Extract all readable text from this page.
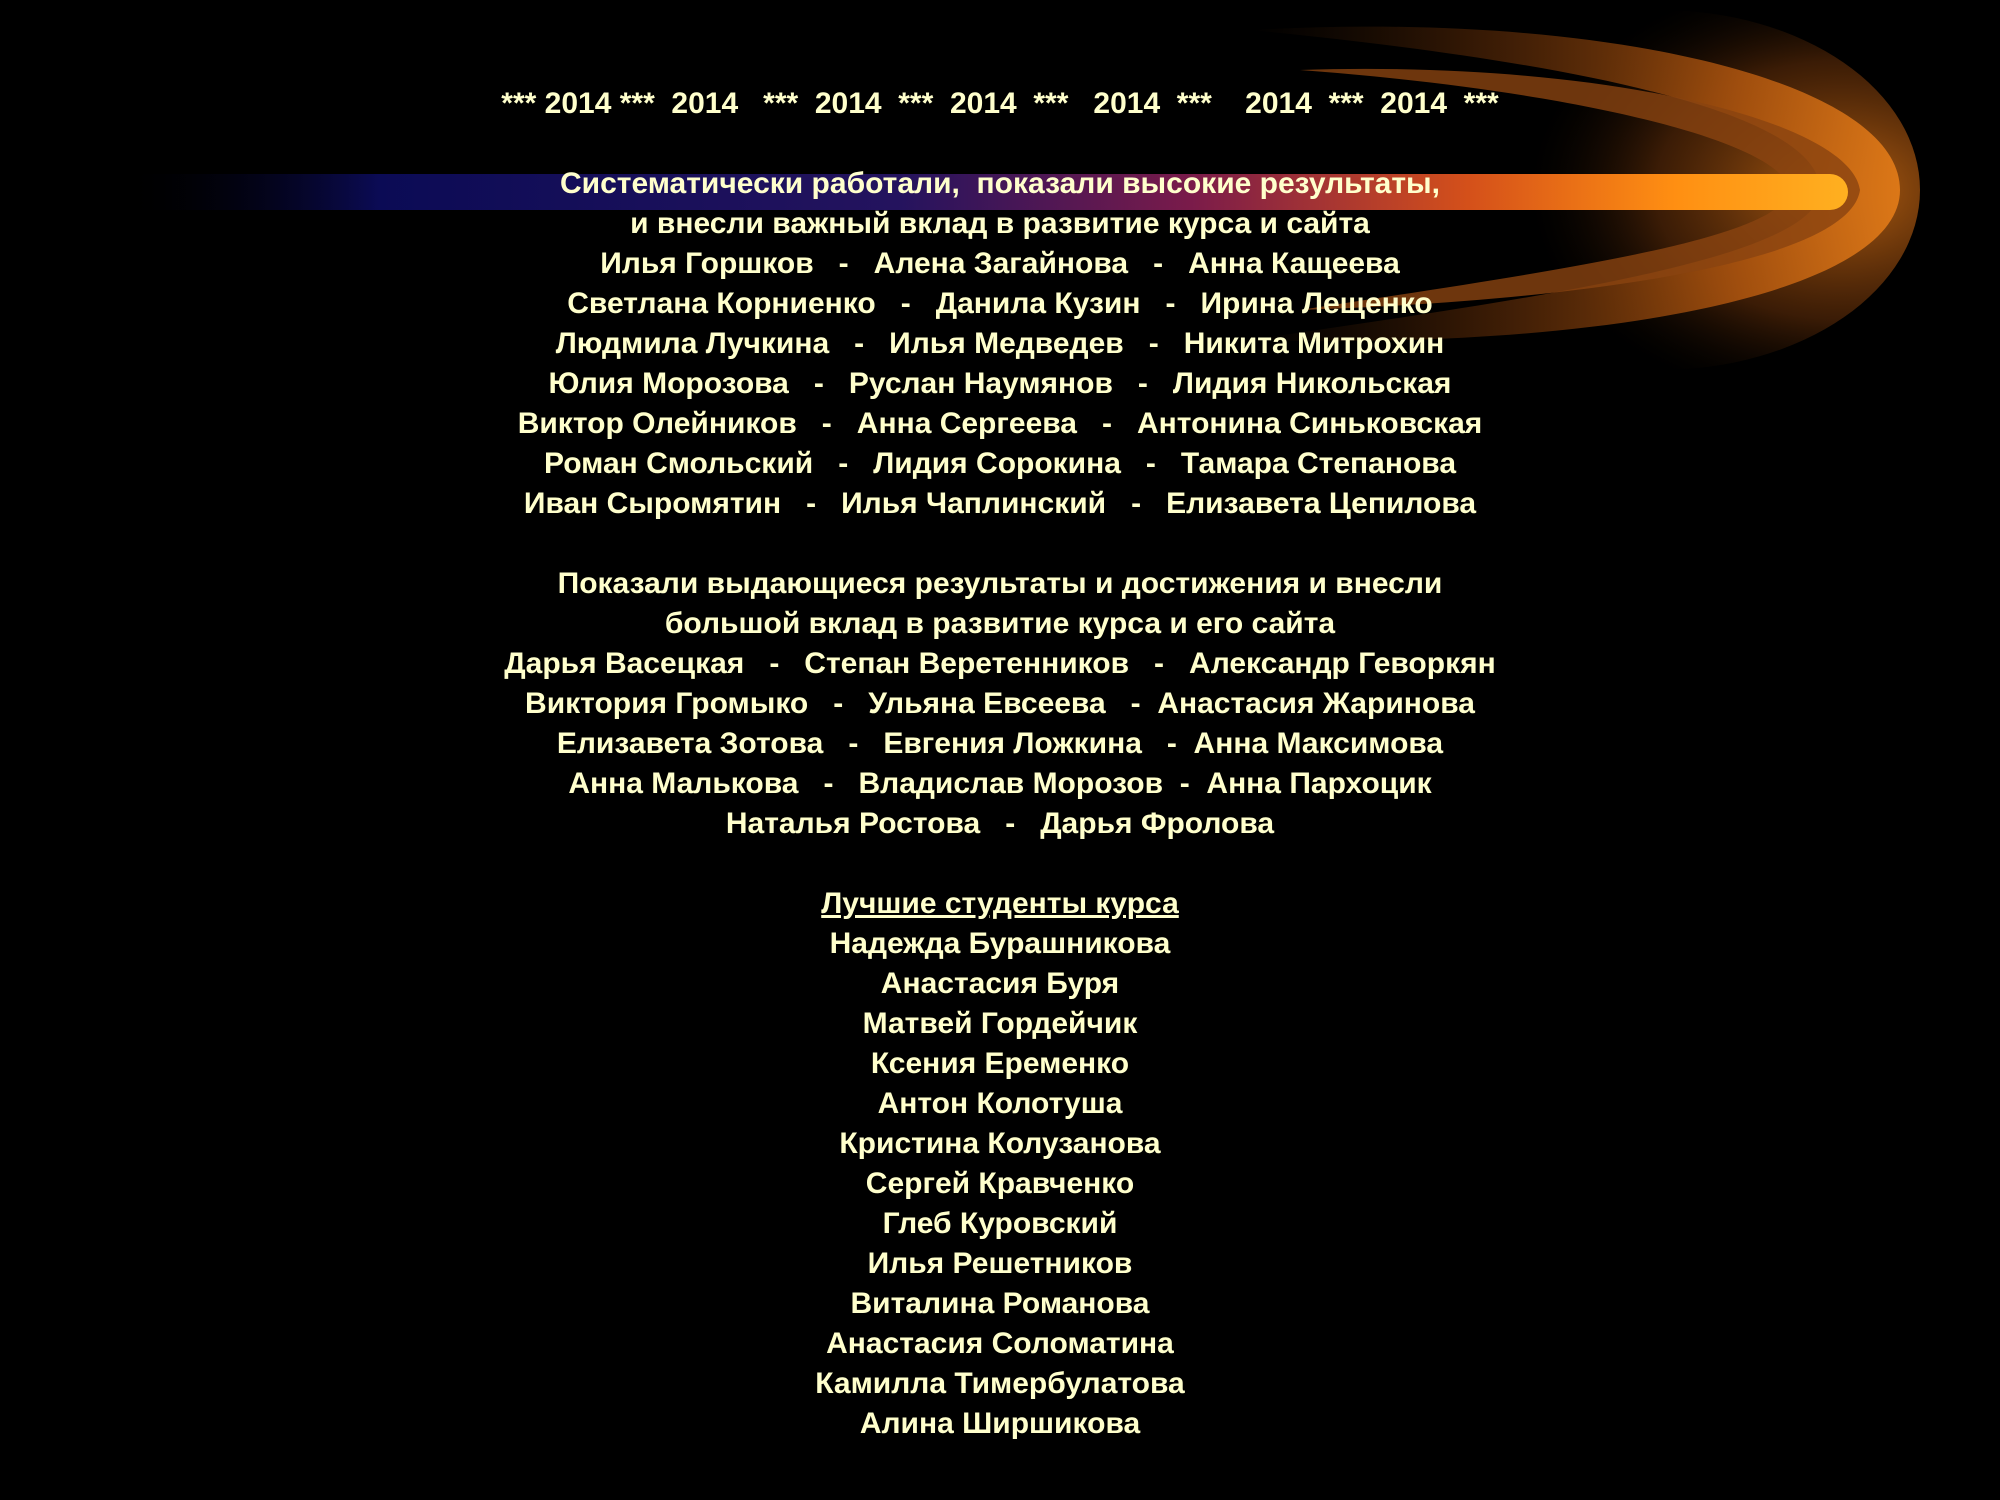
*** 2014 ***  2014   ***  2014  ***  2014  ***   2014  ***    2014  ***  2014  ***
Систематически работали,  показали высокие результаты,
и внесли важный вклад в развитие курса и сайта
Илья Горшков   -   Алена Загайнова   -   Анна Кащеева
Светлана Корниенко   -   Данила Кузин   -   Ирина Лещенко
Людмила Лучкина   -   Илья Медведев   -   Никита Митрохин
Юлия Морозова   -   Руслан Наумянов   -   Лидия Никольская
Виктор Олейников   -   Анна Сергеева   -   Антонина Синьковская
Роман Смольский   -   Лидия Сорокина   -   Тамара Степанова
Иван Сыромятин   -   Илья Чаплинский   -   Елизавета Цепилова
Показали выдающиеся результаты и достижения и внесли
большой вклад в развитие курса и его сайта
Дарья Васецкая   -   Степан Веретенников   -   Александр Геворкян
Виктория Громыко   -   Ульяна Евсеева   -  Анастасия Жаринова
Елизавета Зотова   -   Евгения Ложкина   -  Анна Максимова
Анна Малькова   -   Владислав Морозов  -  Анна Пархоцик
Наталья Ростова   -   Дарья Фролова
Лучшие студенты курса
Надежда Бурашникова
Анастасия Буря
Матвей Гордейчик
Ксения Еременко
Антон Колотуша
Кристина Колузанова
Сергей Кравченко
Глеб Куровский
Илья Решетников
Виталина Романова
Анастасия Соломатина
Камилла Тимербулатова
Алина Ширшикова
